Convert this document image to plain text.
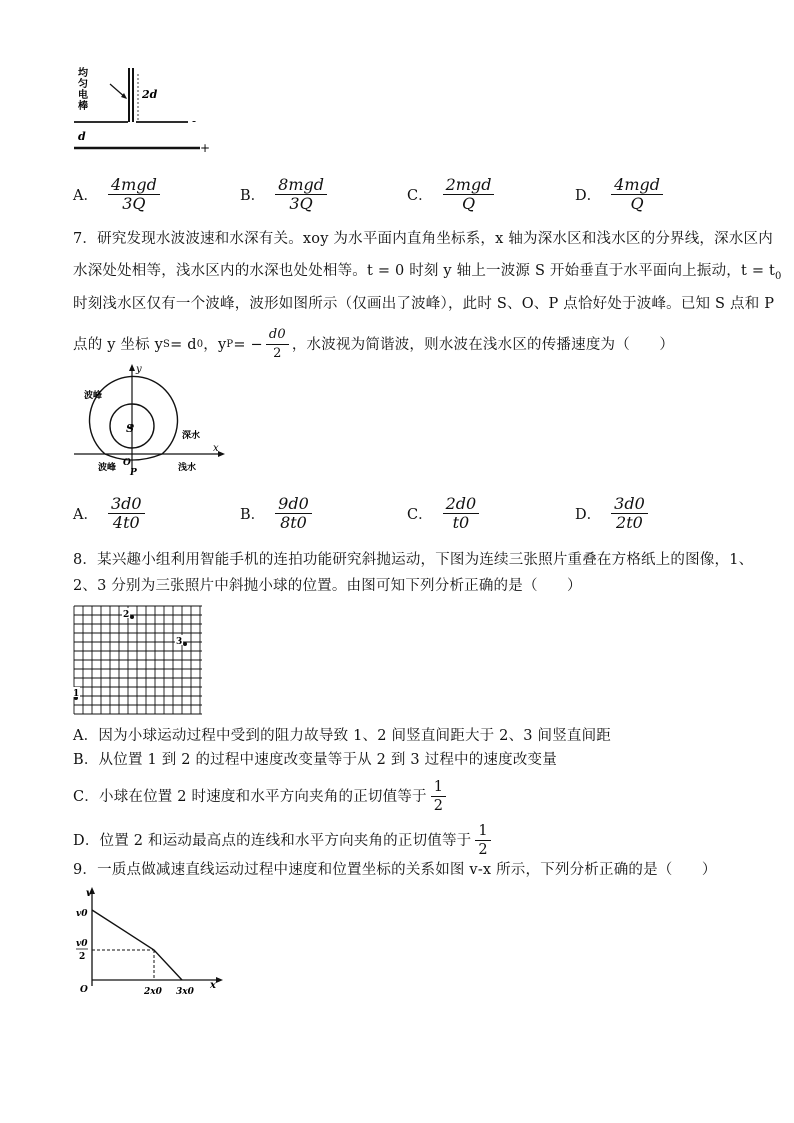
均
匀
电
棒
2d
d
-
+
A． $\frac{\text{4mgd}}{3Q}$	B． $\frac{\text{8mgd}}{3Q}$	C． $\frac{\text{2mgd}}{Q}$	D． $\frac{\text{4mgd}}{Q}$
7．研究发现水波波速和水深有关。xoy 为水平面内直角坐标系，x 轴为深水区和浅水区的分界线，深水区内
水深处处相等，浅水区内的水深也处处相等。t = 0 时刻 y 轴上一波源 S 开始垂直于水平面向上振动，$t = t_0$
时刻浅水区仅有一个波峰，波形如图所示（仅画出了波峰），此时 S、O、P 点恰好处于波峰。已知 S 点和 P
点的 y 坐标 y S = d 0 ，y P = − $\frac{d0}{2}$ ，水波视为简谐波，则水波在浅水区的传播速度为（　　）
y
波峰
S
深水
O
P
波峰	浅水
x
A． $\frac{3d0}{4t0}$	B． $\frac{9d0}{8t0}$	C． $\frac{2d0}{t0}$	D． $\frac{3d0}{2t0}$
8．某兴趣小组利用智能手机的连拍功能研究斜抛运动，下图为连续三张照片重叠在方格纸上的图像，1、
2、3 分别为三张照片中斜抛小球的位置。由图可知下列分析正确的是（　　）
2
3
1
A．因为小球运动过程中受到的阻力故导致 1、2 间竖直间距大于 2、3 间竖直间距
B．从位置 1 到 2 的过程中速度改变量等于从 2 到 3 过程中的速度改变量
C．小球在位置 2 时速度和水平方向夹角的正切值等于 $\frac{1}{2}$
D．位置 2 和运动最高点的连线和水平方向夹角的正切值等于 $\frac{1}{2}$
9．一质点做减速直线运动过程中速度和位置坐标的关系如图 v-x 所示，下列分析正确的是（　　）
v
v0
v0
2
O	2x0 3x0
x
